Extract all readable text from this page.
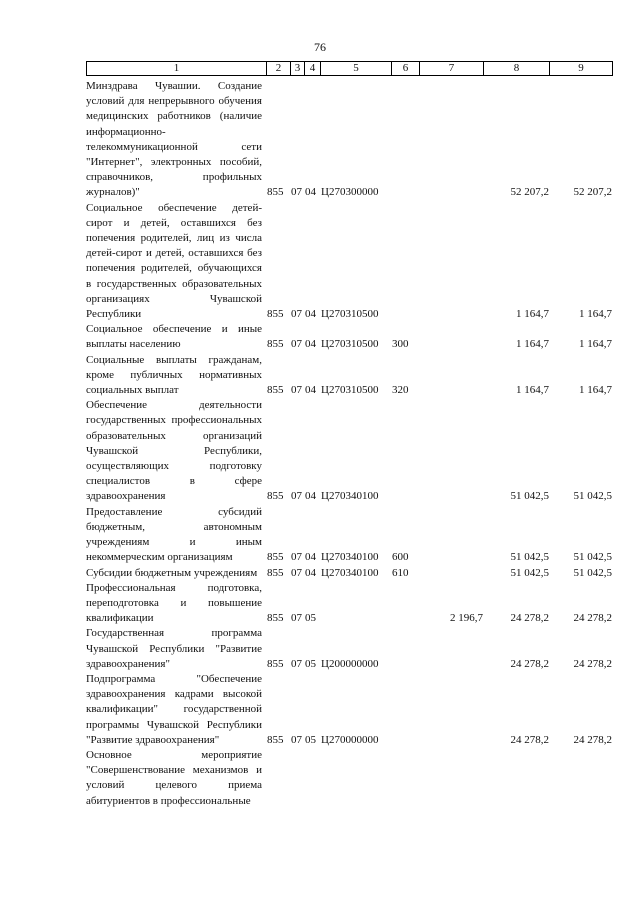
76
1	2	3	4	5	6	7	8	9
Минздрава Чувашии. Создание условий для непрерывного обучения медицинских работников (наличие информационно-телекоммуникационной сети "Интернет", электронных пособий, справочников, профильных журналов)"	855	07	04	Ц270300000			52 207,2	52 207,2
Социальное обеспечение детей-сирот и детей, оставшихся без попечения родителей, лиц из числа детей-сирот и детей, оставшихся без попечения родителей, обучающихся в государственных образовательных организациях Чувашской Республики	855	07	04	Ц270310500			1 164,7	1 164,7
Социальное обеспечение и иные выплаты населению	855	07	04	Ц270310500	300		1 164,7	1 164,7
Социальные выплаты гражданам, кроме публичных нормативных социальных выплат	855	07	04	Ц270310500	320		1 164,7	1 164,7
Обеспечение деятельности государственных профессиональных образовательных организаций Чувашской Республики, осуществляющих подготовку специалистов в сфере здравоохранения	855	07	04	Ц270340100			51 042,5	51 042,5
Предоставление субсидий бюджетным, автономным учреждениям и иным некоммерческим организациям	855	07	04	Ц270340100	600		51 042,5	51 042,5
Субсидии бюджетным учреждениям	855	07	04	Ц270340100	610		51 042,5	51 042,5
Профессиональная подготовка, переподготовка и повышение квалификации	855	07	05			2 196,7	24 278,2	24 278,2
Государственная программа Чувашской Республики "Развитие здравоохранения"	855	07	05	Ц200000000			24 278,2	24 278,2
Подпрограмма "Обеспечение здравоохранения кадрами высокой квалификации" государственной программы Чувашской Республики "Развитие здравоохранения"	855	07	05	Ц270000000			24 278,2	24 278,2
Основное мероприятие "Совершенствование механизмов и условий целевого приема абитуриентов в профессиональные								
